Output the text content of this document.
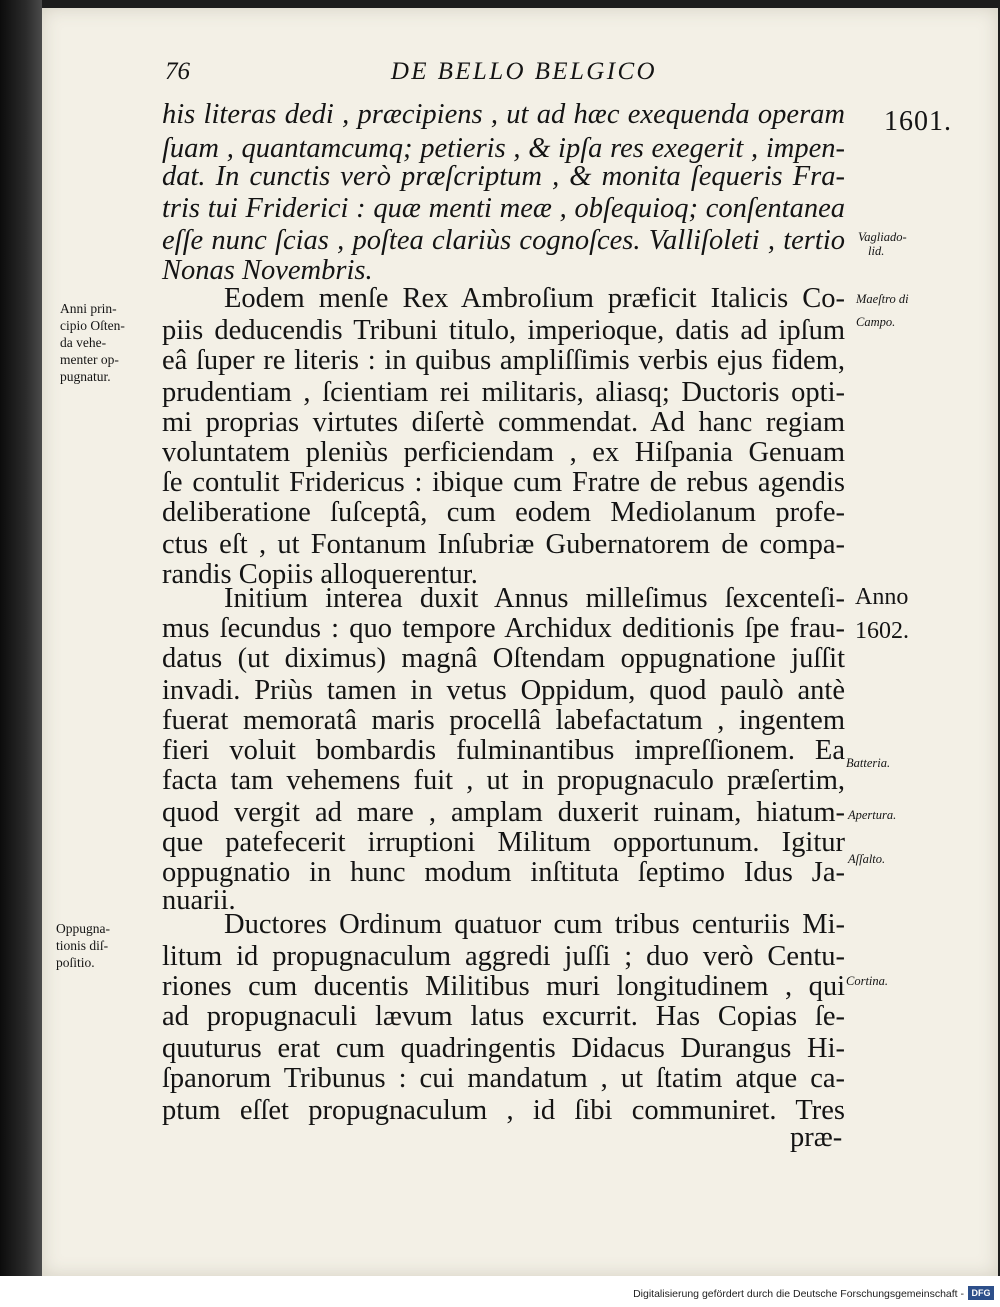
76	DE BELLO BELGICO
1601.
his literas dedi , præcipiens , ut ad hæc exequenda operam
ſuam , quantamcumq; petieris , & ipſa res exegerit , impen-
dat. In cunctis verò præſcriptum , & monita ſequeris Fra-
tris tui Friderici : quæ menti meæ , obſequioq; conſentanea
eſſe nunc ſcias , poſtea clariùs cognoſces. Valliſoleti , tertio
Nonas Novembris.
Eodem menſe Rex Ambroſium præficit Italicis Co-
piis deducendis Tribuni titulo, imperioque, datis ad ipſum
eâ ſuper re literis : in quibus ampliſſimis verbis ejus fidem,
prudentiam , ſcientiam rei militaris, aliasq; Ductoris opti-
mi proprias virtutes diſertè commendat. Ad hanc regiam
voluntatem pleniùs perficiendam , ex Hiſpania Genuam
ſe contulit Fridericus : ibique cum Fratre de rebus agendis
deliberatione ſuſceptâ, cum eodem Mediolanum profe-
ctus eſt , ut Fontanum Inſubriæ Gubernatorem de compa-
randis Copiis alloquerentur.
Initium interea duxit Annus milleſimus ſexcenteſi-
mus ſecundus : quo tempore Archidux deditionis ſpe frau-
datus (ut diximus) magnâ Oſtendam oppugnatione juſſit
invadi. Priùs tamen in vetus Oppidum, quod paulò antè
fuerat memoratâ maris procellâ labefactatum , ingentem
fieri voluit bombardis fulminantibus impreſſionem. Ea
facta tam vehemens fuit , ut in propugnaculo præſertim,
quod vergit ad mare , amplam duxerit ruinam, hiatum-
que patefecerit irruptioni Militum opportunum. Igitur
oppugnatio in hunc modum inſtituta ſeptimo Idus Ja-
nuarii.
Ductores Ordinum quatuor cum tribus centuriis Mi-
litum id propugnaculum aggredi juſſi ; duo verò Centu-
riones cum ducentis Militibus muri longitudinem , qui
ad propugnaculi lævum latus excurrit. Has Copias ſe-
quuturus erat cum quadringentis Didacus Durangus Hi-
ſpanorum Tribunus : cui mandatum , ut ſtatim atque ca-
ptum eſſet propugnaculum , id ſibi communiret. Tres
præ-
Anni prin-
cipio Oſten-
da vehe-
menter op-
pugnatur.
Oppugna-
tionis diſ-
poſitio.
Vagliado-
lid.
Maeſtro di
Campo.
Batteria.
Apertura.
Aſſalto.
Cortina.
Anno
1602.
Digitalisierung gefördert durch die Deutsche Forschungsgemeinschaft - DFG
